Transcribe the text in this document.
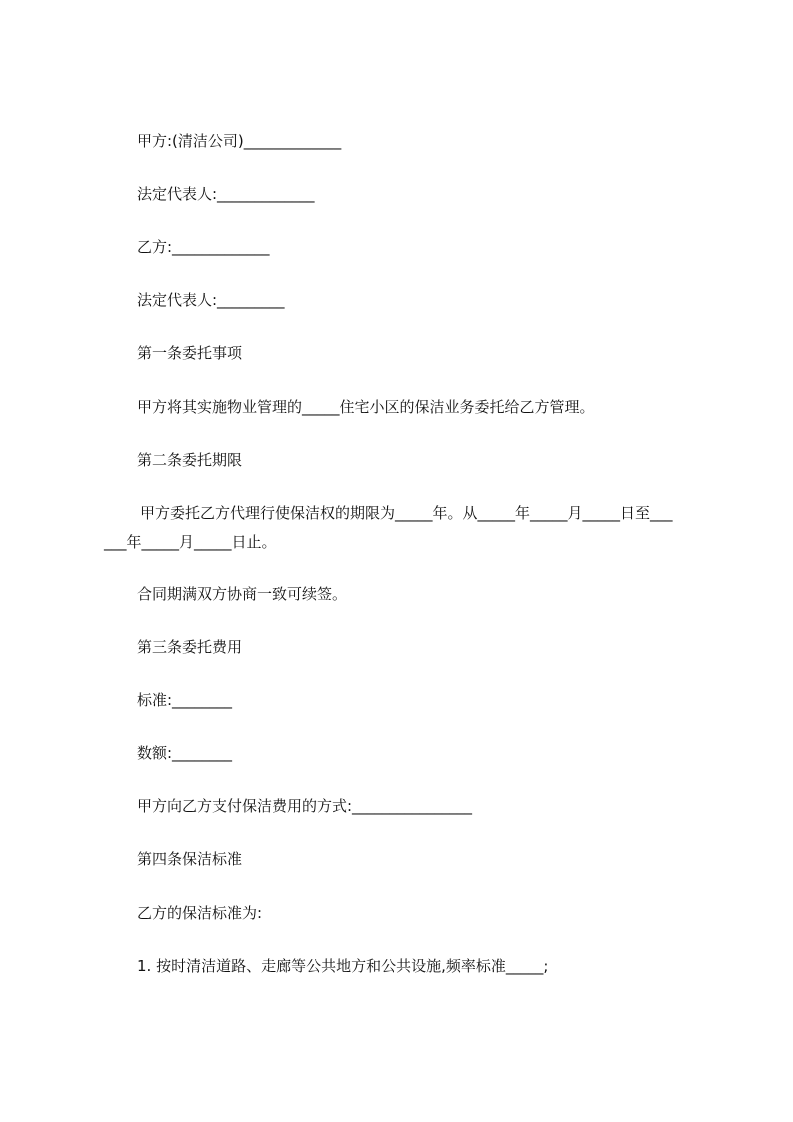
甲方:(清洁公司)_____________

法定代表人:_____________

乙方:_____________

法定代表人:_________

第一条委托事项

甲方将其实施物业管理的_____住宅小区的保洁业务委托给乙方管理。

第二条委托期限

甲方委托乙方代理行使保洁权的期限为_____年。从_____年_____月_____日至___

___年_____月_____日止。

合同期满双方协商一致可续签。

第三条委托费用

标准:________

数额:________

甲方向乙方支付保洁费用的方式:________________

第四条保洁标准

乙方的保洁标准为:

1. 按时清洁道路、走廊等公共地方和公共设施,频率标准_____;
